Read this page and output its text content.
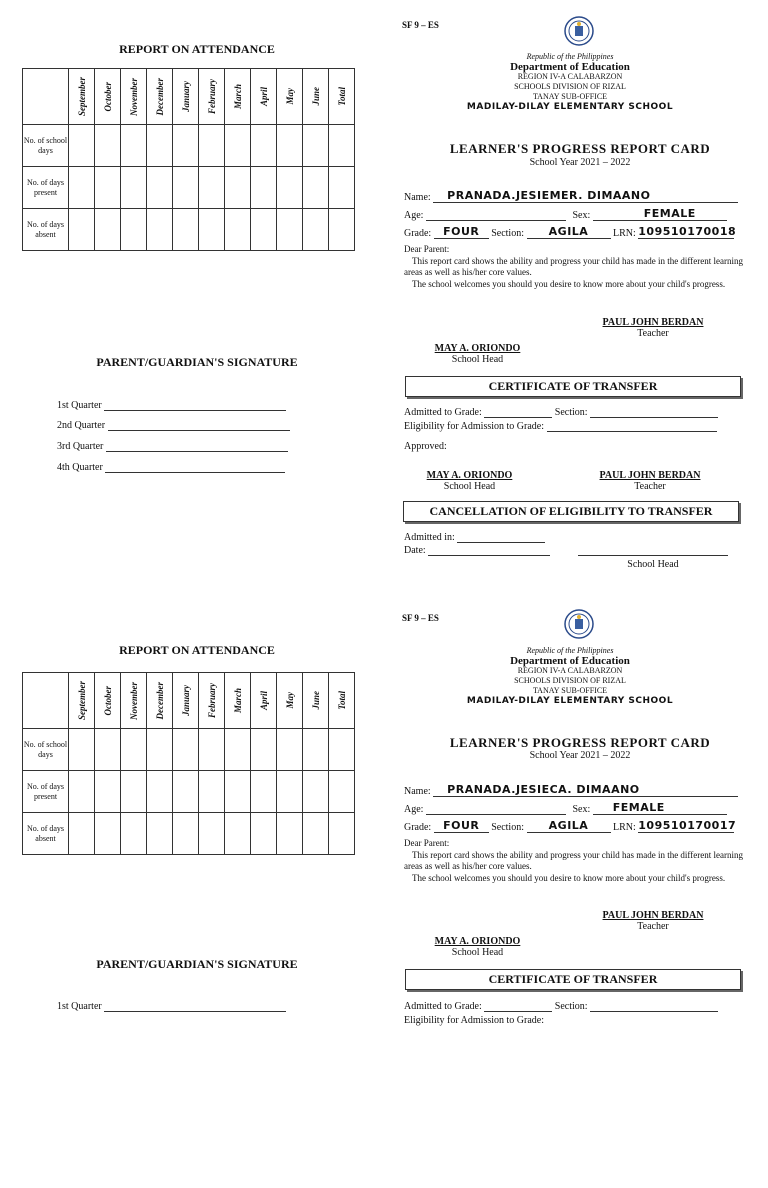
REPORT ON ATTENDANCE

	September	October	November	December	January	February	March	April	May	June	Total

No. of school days											
No. of days present											
No. of days absent											
PARENT/GUARDIAN'S SIGNATURE
1st Quarter
2nd Quarter
3rd Quarter
4th Quarter
SF 9 – ES
Republic of the Philippines
Department of Education
REGION IV-A CALABARZON
SCHOOLS DIVISION OF RIZAL
TANAY SUB-OFFICE
MADILAY-DILAY ELEMENTARY SCHOOL
LEARNER'S PROGRESS REPORT CARD
School Year 2021 – 2022
Name: PRANADA.JESIEMER. DIMAANO
Age:	Sex:	FEMALE
Grade: FOUR Section: AGILA LRN: 109510170018
Dear Parent:
This report card shows the ability and progress your child has made in the different learning areas as well as his/her core values.
The school welcomes you should you desire to know more about your child's progress.
PAUL JOHN BERDAN
Teacher
MAY A. ORIONDO
School Head
CERTIFICATE OF TRANSFER
Admitted to Grade:	Section:
Eligibility for Admission to Grade:
Approved:
MAY A. ORIONDO
School Head
PAUL JOHN BERDAN
Teacher
CANCELLATION OF ELIGIBILITY TO TRANSFER
Admitted in:
Date:
School Head
REPORT ON ATTENDANCE

	September	October	November	December	January	February	March	April	May	June	Total

No. of school days											
No. of days present											
No. of days absent											
PARENT/GUARDIAN'S SIGNATURE
1st Quarter
SF 9 – ES
Republic of the Philippines
Department of Education
REGION IV-A CALABARZON
SCHOOLS DIVISION OF RIZAL
TANAY SUB-OFFICE
MADILAY-DILAY ELEMENTARY SCHOOL
LEARNER'S PROGRESS REPORT CARD
School Year 2021 – 2022
Name: PRANADA.JESIECA. DIMAANO
Age:	Sex: FEMALE
Grade: FOUR Section: AGILA LRN: 109510170017
Dear Parent:
This report card shows the ability and progress your child has made in the different learning areas as well as his/her core values.
The school welcomes you should you desire to know more about your child's progress.
PAUL JOHN BERDAN
Teacher
MAY A. ORIONDO
School Head
CERTIFICATE OF TRANSFER
Admitted to Grade:	Section:
Eligibility for Admission to Grade:
